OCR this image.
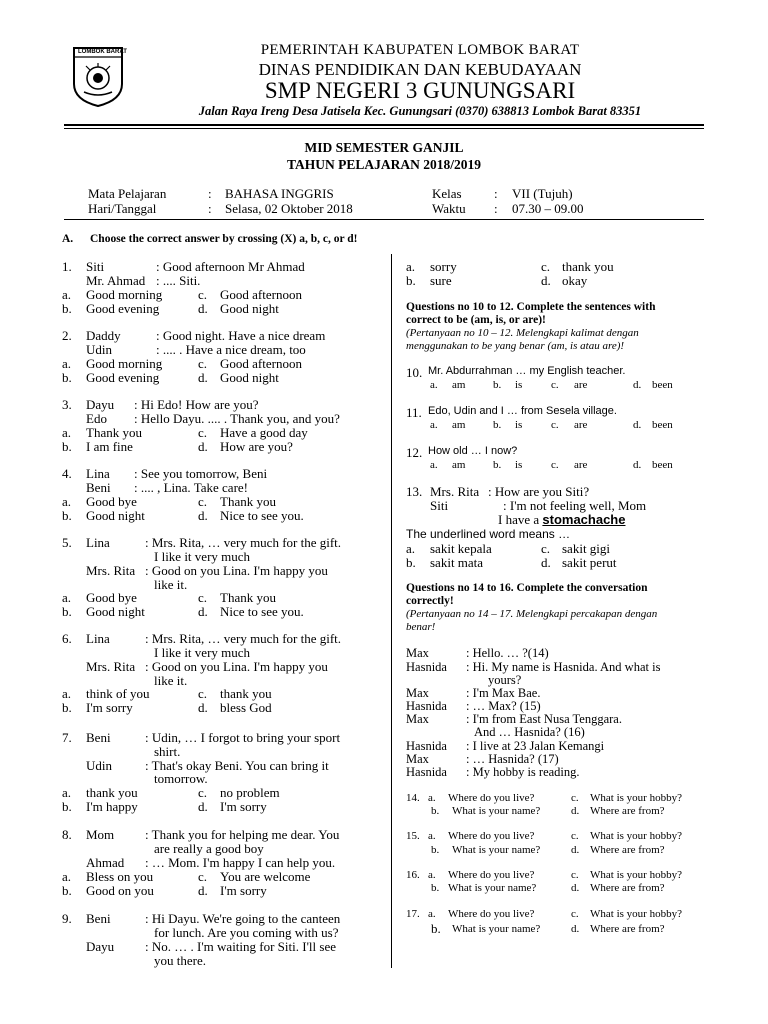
LOMBOK BARAT	PEMERINTAH KABUPATEN LOMBOK BARAT
DINAS PENDIDIKAN DAN KEBUDAYAAN
SMP NEGERI 3 GUNUNGSARI
Jalan Raya Ireng Desa Jatisela Kec. Gunungsari (0370) 638813 Lombok Barat 83351
MID SEMESTER GANJIL
TAHUN PELAJARAN 2018/2019
Mata Pelajaran	: BAHASA INGGRIS
Hari/Tanggal	: Selasa, 02 Oktober 2018
Kelas : VII (Tujuh)
Waktu : 07.30 – 09.00
A. Choose the correct answer by crossing (X) a, b, c, or d!
1. Siti	: Good afternoon Mr Ahmad
Mr. Ahmad : .... Siti.
a. Good morning	c. Good afternoon
b. Good evening	d. Good night
2. Daddy	: Good night. Have a nice dream
Udin	: .... . Have a nice dream, too
a. Good morning	c. Good afternoon
b. Good evening	d. Good night
3. Dayu : Hi Edo! How are you?
Edo : Hello Dayu. .... . Thank you, and you?
a. Thank you	c. Have a good day
b. I am fine	d. How are you?
4. Lina : See you tomorrow, Beni
Beni : .... , Lina. Take care!
a. Good bye	c. Thank you
b. Good night	d. Nice to see you.
5. Lina	: Mrs. Rita, … very much for the gift.
I like it very much
Mrs. Rita : Good on you Lina. I'm happy you
like it.
a. Good bye	c. Thank you
b. Good night	d. Nice to see you.
6. Lina	: Mrs. Rita, … very much for the gift.
I like it very much
Mrs. Rita : Good on you Lina. I'm happy you
like it.
a. think of you	c. thank you
b. I'm sorry	d. bless God
7. Beni	: Udin, … I forgot to bring your sport
shirt.
Udin	: That's okay Beni. You can bring it
tomorrow.
a. thank you	c. no problem
b. I'm happy	d. I'm sorry
8. Mom : Thank you for helping me dear. You
are really a good boy
Ahmad : … Mom. I'm happy I can help you.
a. Bless on you	c. You are welcome
b. Good on you	d. I'm sorry
9. Beni	: Hi Dayu. We're going to the canteen
for lunch. Are you coming with us?
Dayu : No. … . I'm waiting for Siti. I'll see
you there.
a. sorry	c. thank you
b. sure	d. okay
Questions no 10 to 12. Complete the sentences with
correct to be (am, is, or are)!
(Pertanyaan no 10 – 12. Melengkapi kalimat dengan
menggunakan to be yang benar (am, is atau are)!
10. Mr. Abdurrahman … my English teacher.
a. am	b. is	c. are	d. been
11. Edo, Udin and I … from Sesela village.
a. am	b. is	c. are	d. been
12. How old … I now?
a. am	b. is	c. are	d. been
13. Mrs. Rita : How are you Siti?
Siti	: I'm not feeling well, Mom
I have a stomachache
The underlined word means …
a. sakit kepala	c. sakit gigi
b. sakit mata	d. sakit perut
Questions no 14 to 16. Complete the conversation
correctly!
(Pertanyaan no 14 – 17. Melengkapi percakapan dengan
benar!
Max	: Hello. … ?(14)
Hasnida : Hi. My name is Hasnida. And what is
yours?
Max	: I'm Max Bae.
Hasnida : … Max? (15)
Max	: I'm from East Nusa Tenggara.
And … Hasnida? (16)
Hasnida : I live at 23 Jalan Kemangi
Max	: … Hasnida? (17)
Hasnida : My hobby is reading.
14. a. Where do you live?	c. What is your hobby?
b. What is your name?	d. Where are from?
15. a. Where do you live?	c. What is your hobby?
b. What is your name?	d. Where are from?
16. a. Where do you live?	c. What is your hobby?
b. What is your name?	d. Where are from?
17. a. Where do you live?	c. What is your hobby?
b. What is your name?	d. Where are from?
